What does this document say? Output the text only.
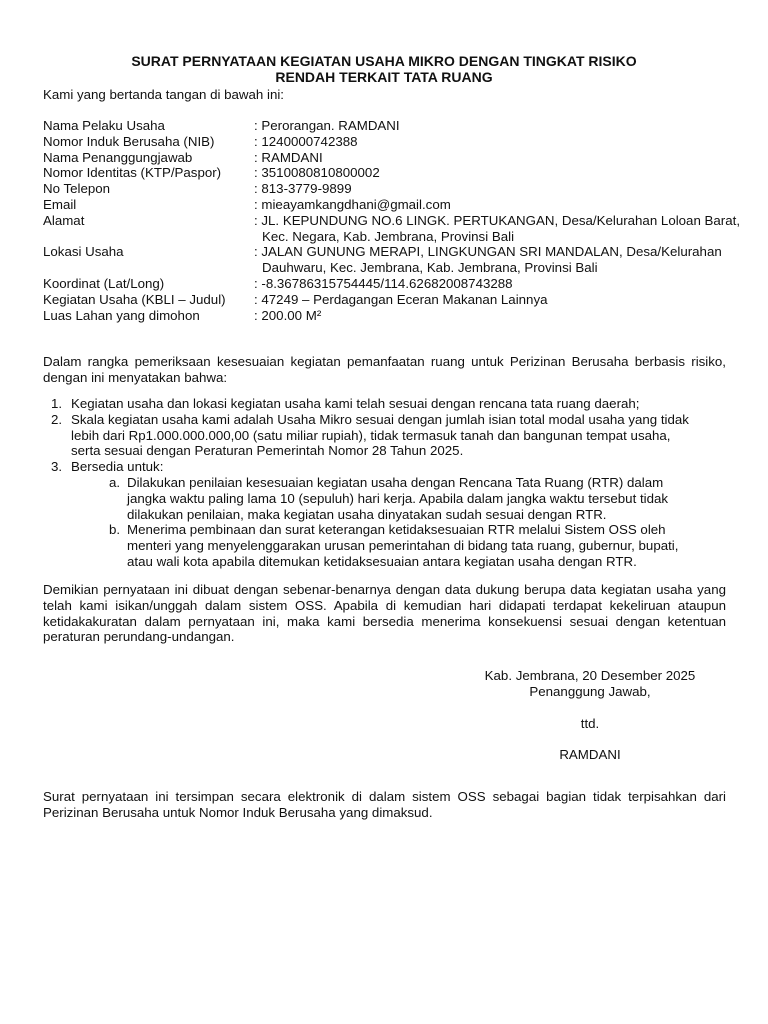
SURAT PERNYATAAN KEGIATAN USAHA MIKRO DENGAN TINGKAT RISIKO
RENDAH TERKAIT TATA RUANG
Kami yang bertanda tangan di bawah ini:
Nama Pelaku Usaha	: Perorangan. RAMDANI
Nomor Induk Berusaha (NIB)	: 1240000742388
Nama Penanggungjawab	: RAMDANI
Nomor Identitas (KTP/Paspor)	: 3510080810800002
No Telepon	: 813-3779-9899
Email	: mieayamkangdhani@gmail.com
Alamat	: JL. KEPUNDUNG NO.6 LINGK. PERTUKANGAN, Desa/Kelurahan Loloan Barat, Kec. Negara, Kab. Jembrana, Provinsi Bali
Lokasi Usaha	: JALAN GUNUNG MERAPI, LINGKUNGAN SRI MANDALAN, Desa/Kelurahan Dauhwaru, Kec. Jembrana, Kab. Jembrana, Provinsi Bali
Koordinat (Lat/Long)	: -8.36786315754445/114.62682008743288
Kegiatan Usaha (KBLI – Judul)	: 47249 – Perdagangan Eceran Makanan Lainnya
Luas Lahan yang dimohon	: 200.00 M²
Dalam rangka pemeriksaan kesesuaian kegiatan pemanfaatan ruang untuk Perizinan Berusaha berbasis risiko, dengan ini menyatakan bahwa:
1. Kegiatan usaha dan lokasi kegiatan usaha kami telah sesuai dengan rencana tata ruang daerah;
2. Skala kegiatan usaha kami adalah Usaha Mikro sesuai dengan jumlah isian total modal usaha yang tidak lebih dari Rp1.000.000.000,00 (satu miliar rupiah), tidak termasuk tanah dan bangunan tempat usaha, serta sesuai dengan Peraturan Pemerintah Nomor 28 Tahun 2025.
3. Bersedia untuk:
a. Dilakukan penilaian kesesuaian kegiatan usaha dengan Rencana Tata Ruang (RTR) dalam jangka waktu paling lama 10 (sepuluh) hari kerja. Apabila dalam jangka waktu tersebut tidak dilakukan penilaian, maka kegiatan usaha dinyatakan sudah sesuai dengan RTR.
b. Menerima pembinaan dan surat keterangan ketidaksesuaian RTR melalui Sistem OSS oleh menteri yang menyelenggarakan urusan pemerintahan di bidang tata ruang, gubernur, bupati, atau wali kota apabila ditemukan ketidaksesuaian antara kegiatan usaha dengan RTR.
Demikian pernyataan ini dibuat dengan sebenar-benarnya dengan data dukung berupa data kegiatan usaha yang telah kami isikan/unggah dalam sistem OSS. Apabila di kemudian hari didapati terdapat kekeliruan ataupun ketidakakuratan dalam pernyataan ini, maka kami bersedia menerima konsekuensi sesuai dengan ketentuan peraturan perundang-undangan.
Kab. Jembrana, 20 Desember 2025
Penanggung Jawab,
ttd.
RAMDANI
Surat pernyataan ini tersimpan secara elektronik di dalam sistem OSS sebagai bagian tidak terpisahkan dari Perizinan Berusaha untuk Nomor Induk Berusaha yang dimaksud.
